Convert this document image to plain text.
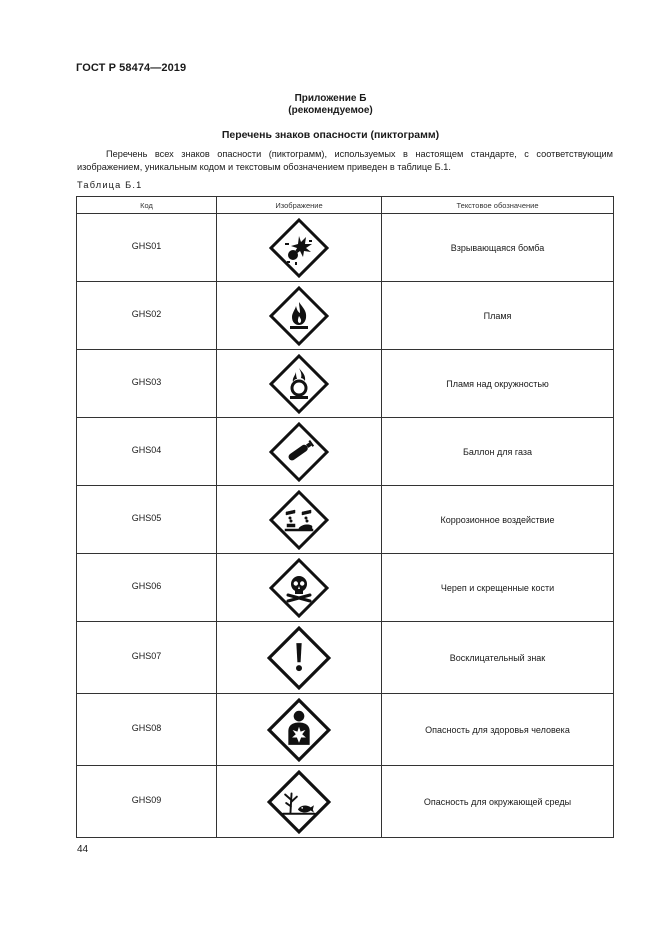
ГОСТ Р 58474—2019
Приложение Б
(рекомендуемое)
Перечень знаков опасности (пиктограмм)
Перечень всех знаков опасности (пиктограмм), используемых в настоящем стандарте, с соответствующим изображением, уникальным кодом и текстовым обозначением приведен в таблице Б.1.
Таблица Б.1
Код	Изображение	Текстовое обозначение
GHS01		Взрывающаяся бомба
GHS02		Пламя
GHS03		Пламя над окружностью
GHS04		Баллон для газа
GHS05		Коррозионное воздействие
GHS06		Череп и скрещенные кости
GHS07		Восклицательный знак
GHS08		Опасность для здоровья человека
GHS09		Опасность для окружающей среды
44
